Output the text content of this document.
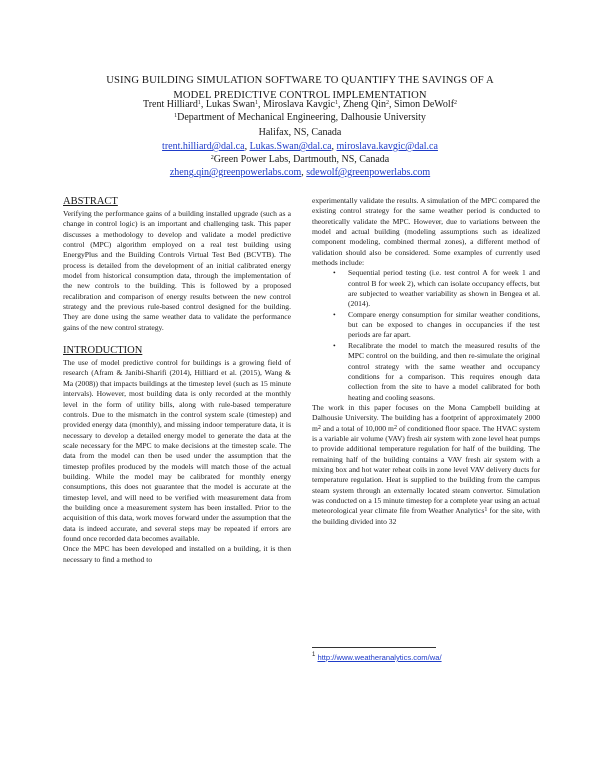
USING BUILDING SIMULATION SOFTWARE TO QUANTIFY THE SAVINGS OF A
MODEL PREDICTIVE CONTROL IMPLEMENTATION
Trent Hilliard$^1$, Lukas Swan$^1$, Miroslava Kavgic$^1$, Zheng Qin$^2$, Simon DeWolf$^2$
$^1$Department of Mechanical Engineering, Dalhousie University
Halifax, NS, Canada
trent.hilliard@dal.ca, Lukas.Swan@dal.ca, miroslava.kavgic@dal.ca
$^2$Green Power Labs, Dartmouth, NS, Canada
zheng.qin@greenpowerlabs.com, sdewolf@greenpowerlabs.com
ABSTRACT

Verifying the performance gains of a building installed upgrade (such as a change in control logic) is an important and challenging task. This paper discusses a methodology to develop and validate a model predictive control (MPC) algorithm employed on a real test building using EnergyPlus and the Building Controls Virtual Test Bed (BCVTB). The process is detailed from the development of an initial calibrated energy model from historical consumption data, through the implementation of the new controls to the building. This is followed by a proposed recalibration and comparison of energy results between the new control strategy and the previous rule-based control designed for the building. They are done using the same weather data to validate the performance gains of the new control strategy.

INTRODUCTION

The use of model predictive control for buildings is a growing field of research (Afram & Janibi-Sharifi (2014), Hilliard et al. (2015), Wang & Ma (2008)) that impacts buildings at the timestep level (such as 15 minute intervals). However, most building data is only recorded at the monthly level in the form of utility bills, along with rule-based temperature controls. Due to the mismatch in the control system scale (timestep) and provided energy data (monthly), and missing indoor temperature data, it is necessary to develop a detailed energy model to generate the data at the scale necessary for the MPC to make decisions at the timestep scale. The data from the model can then be used under the assumption that the timestep profiles produced by the models will match those of the actual building. While the model may be calibrated for monthly energy consumptions, this does not guarantee that the model is accurate at the timestep level, and will need to be verified with measurement data from the building once a measurement system has been installed. Prior to the acquisition of this data, work moves forward under the assumption that the data is indeed accurate, and several steps may be repeated if errors are found once recorded data becomes available.

Once the MPC has been developed and installed on a building, it is then necessary to find a method to

experimentally validate the results. A simulation of the MPC compared the existing control strategy for the same weather period is conducted to theoretically validate the MPC. However, due to variations between the model and actual building (modeling assumptions such as idealized component modeling, combined thermal zones), a different method of validation should also be considered. Some examples of currently used methods include:

• Sequential period testing (i.e. test control A for week 1 and control B for week 2), which can isolate occupancy effects, but are subjected to weather variability as shown in Bengea et al. (2014).
• Compare energy consumption for similar weather conditions, but can be exposed to changes in occupancies if the test periods are far apart.
• Recalibrate the model to match the measured results of the MPC control on the building, and then re-simulate the original control strategy with the same weather and occupancy conditions for a comparison. This requires enough data collection from the site to have a model calibrated for both heating and cooling seasons.

The work in this paper focuses on the Mona Campbell building at Dalhousie University. The building has a footprint of approximately 2000 $m^2$ and a total of 10,000 $m^2$ of conditioned floor space. The HVAC system is a variable air volume (VAV) fresh air system with zone level heat pumps to provide additional temperature regulation for half of the building. The remaining half of the building contains a VAV fresh air system with a mixing box and hot water reheat coils in zone level VAV delivery ducts for temperature regulation. Heat is supplied to the building from the campus steam system through an externally located steam convertor. Simulation was conducted on a 15 minute timestep for a complete year using an actual meteorological year climate file from Weather Analytics$^1$ for the site, with the building divided into 32

$^1$ http://www.weatheranalytics.com/wa/
